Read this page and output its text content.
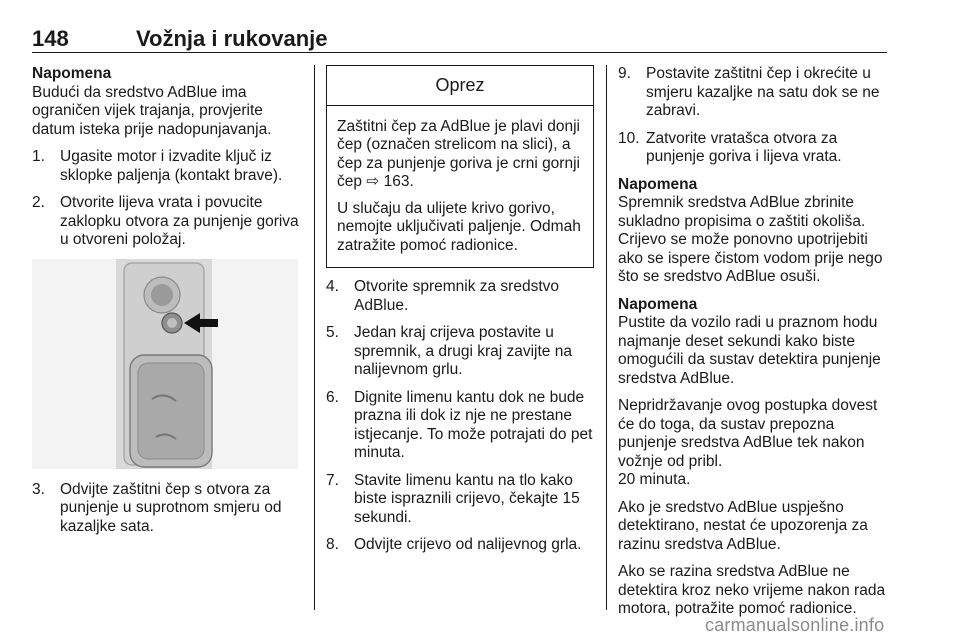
148	Vožnja i rukovanje
Napomena

Budući da sredstvo AdBlue ima ograničen vijek trajanja, provjerite datum isteka prije nadopunjavanja.

1. Ugasite motor i izvadite ključ iz sklopke paljenja (kontakt brave).
2. Otvorite lijeva vrata i povucite zaklopku otvora za punjenje goriva u otvoreni položaj.
3. Odvijte zaštitni čep s otvora za punjenje u suprotnom smjeru od kazaljke sata.
Oprez

Zaštitni čep za AdBlue je plavi donji čep (označen strelicom na slici), a čep za punjenje goriva je crni gornji čep ⇨ 163.

U slučaju da ulijete krivo gorivo, nemojte uključivati paljenje. Odmah zatražite pomoć radionice.

4. Otvorite spremnik za sredstvo AdBlue.
5. Jedan kraj crijeva postavite u spremnik, a drugi kraj zavijte na nalijevnom grlu.
6. Dignite limenu kantu dok ne bude prazna ili dok iz nje ne prestane istjecanje. To može potrajati do pet minuta.
7. Stavite limenu kantu na tlo kako biste ispraznili crijevo, čekajte 15 sekundi.
8. Odvijte crijevo od nalijevnog grla.
9. Postavite zaštitni čep i okrećite u smjeru kazaljke na satu dok se ne zabravi.
10. Zatvorite vratašca otvora za punjenje goriva i lijeva vrata.
Napomena

Spremnik sredstva AdBlue zbrinite sukladno propisima o zaštiti okoliša. Crijevo se može ponovno upotrijebiti ako se ispere čistom vodom prije nego što se sredstvo AdBlue osuši.

Napomena

Pustite da vozilo radi u praznom hodu najmanje deset sekundi kako biste omogućili da sustav detektira punjenje sredstva AdBlue.

Nepridržavanje ovog postupka dovest će do toga, da sustav prepozna punjenje sredstva AdBlue tek nakon vožnje od pribl.
20 minuta.

Ako je sredstvo AdBlue uspješno detektirano, nestat će upozorenja za razinu sredstva AdBlue.

Ako se razina sredstva AdBlue ne detektira kroz neko vrijeme nakon rada motora, potražite pomoć radionice.

carmanualsonline.info
